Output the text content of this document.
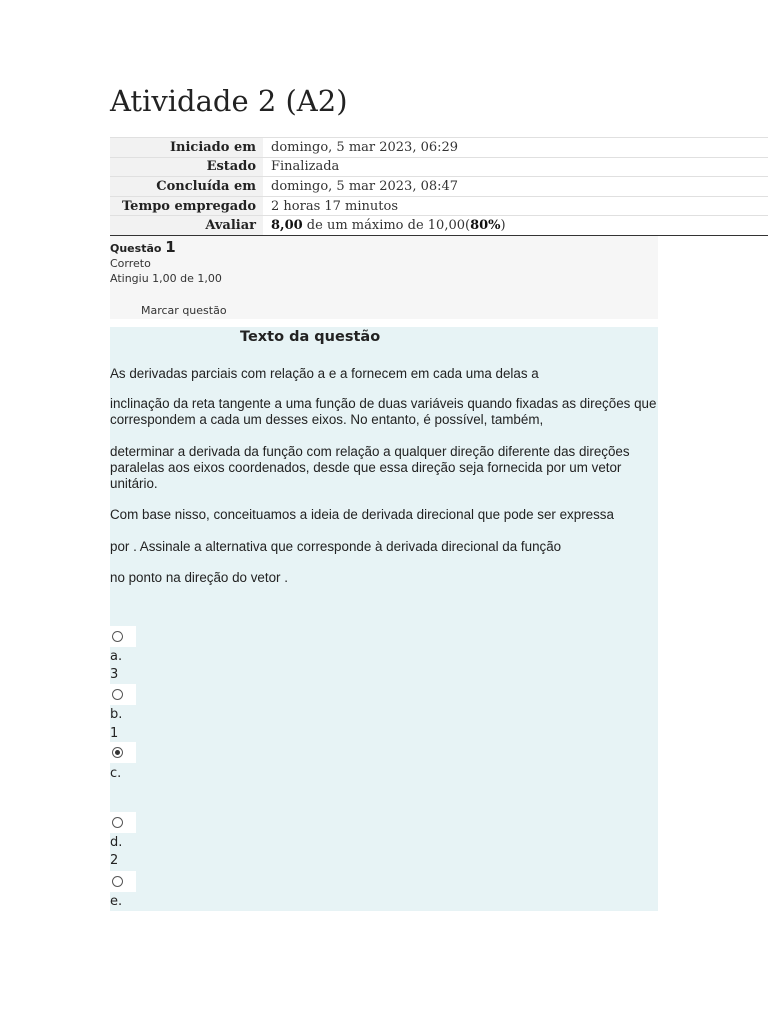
Atividade 2 (A2)
Iniciado em	domingo, 5 mar 2023, 06:29
Estado	Finalizada
Concluída em	domingo, 5 mar 2023, 08:47
Tempo empregado	2 horas 17 minutos
Avaliar	8,00 de um máximo de 10,00(80%)
Questão 1
Correto
Atingiu 1,00 de 1,00
Marcar questão
Texto da questão

As derivadas parciais com relação a e a fornecem em cada uma delas a

inclinação da reta tangente a uma função de duas variáveis quando fixadas as direções que correspondem a cada um desses eixos. No entanto, é possível, também,

determinar a derivada da função com relação a qualquer direção diferente das direções paralelas aos eixos coordenados, desde que essa direção seja fornecida por um vetor unitário.

Com base nisso, conceituamos a ideia de derivada direcional que pode ser expressa

por . Assinale a alternativa que corresponde à derivada direcional da função

no ponto na direção do vetor .

a.
3
b.
1
c.
d.
2
e.
